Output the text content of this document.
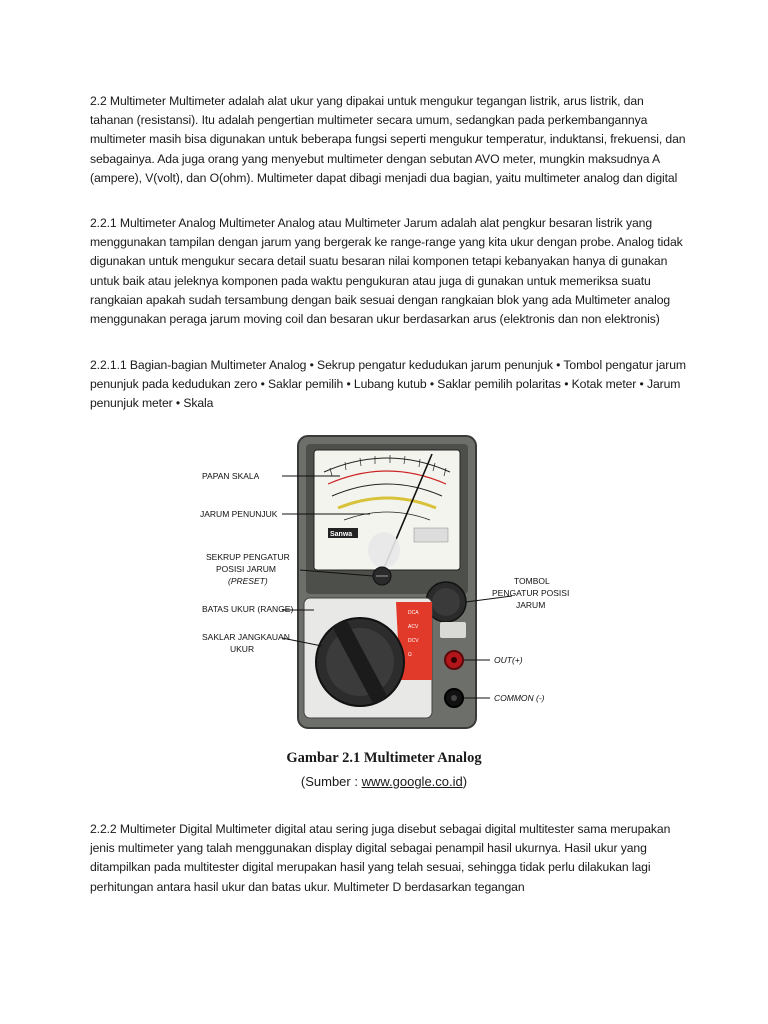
2.2 Multimeter Multimeter adalah alat ukur yang dipakai untuk mengukur tegangan listrik, arus listrik, dan tahanan (resistansi). Itu adalah pengertian multimeter secara umum, sedangkan pada perkembangannya multimeter masih bisa digunakan untuk beberapa fungsi seperti mengukur temperatur, induktansi, frekuensi, dan sebagainya. Ada juga orang yang menyebut multimeter dengan sebutan AVO meter, mungkin maksudnya A (ampere), V(volt), dan O(ohm). Multimeter dapat dibagi menjadi dua bagian, yaitu multimeter analog dan digital

2.2.1 Multimeter Analog Multimeter Analog atau Multimeter Jarum adalah alat pengkur besaran listrik yang menggunakan tampilan dengan jarum yang bergerak ke range-range yang kita ukur dengan probe. Analog tidak digunakan untuk mengukur secara detail suatu besaran nilai komponen tetapi kebanyakan hanya di gunakan untuk baik atau jeleknya komponen pada waktu pengukuran atau juga di gunakan untuk memeriksa suatu rangkaian apakah sudah tersambung dengan baik sesuai dengan rangkaian blok yang ada Multimeter analog menggunakan peraga jarum moving coil dan besaran ukur berdasarkan arus (elektronis dan non elektronis)

2.2.1.1 Bagian-bagian Multimeter Analog • Sekrup pengatur kedudukan jarum penunjuk • Tombol pengatur jarum penunjuk pada kedudukan zero • Saklar pemilih • Lubang kutub • Saklar pemilih polaritas • Kotak meter • Jarum penunjuk meter • Skala

Sanwa
DCA
ACV
DCV
Ω
PAPAN SKALA
JARUM PENUNJUK
SEKRUP PENGATUR
POSISI JARUM
(PRESET)
BATAS UKUR (RANGE)
SAKLAR JANGKAUAN
UKUR
TOMBOL
PENGATUR POSISI
JARUM
OUT(+)
COMMON (-)
Gambar 2.1 Multimeter Analog
(Sumber : www.google.co.id)

2.2.2 Multimeter Digital Multimeter digital atau sering juga disebut sebagai digital multitester sama merupakan jenis multimeter yang talah menggunakan display digital sebagai penampil hasil ukurnya. Hasil ukur yang ditampilkan pada multitester digital merupakan hasil yang telah sesuai, sehingga tidak perlu dilakukan lagi perhitungan antara hasil ukur dan batas ukur. Multimeter D berdasarkan tegangan
